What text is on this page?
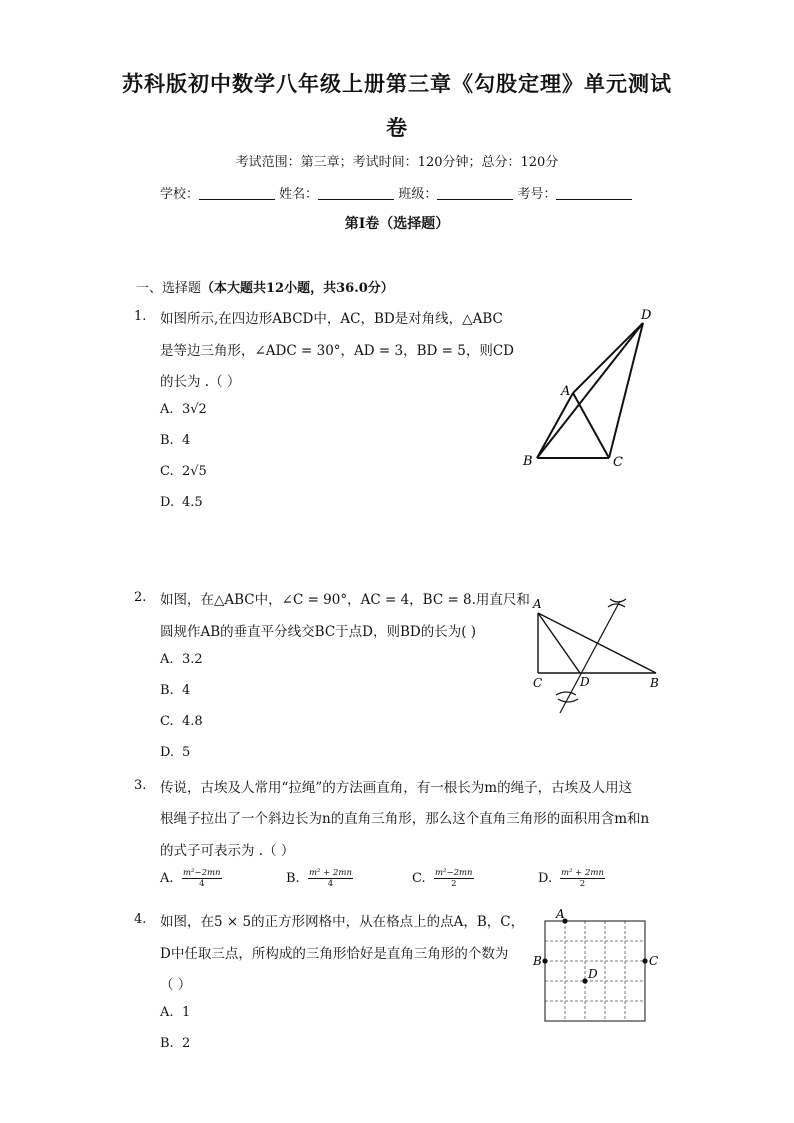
苏科版初中数学八年级上册第三章《勾股定理》单元测试
卷
考试范围：第三章；考试时间：120分钟；总分：120分
学校：	姓名：	班级：	考号：
第I卷（选择题）
一、选择题（本大题共12小题，共36.0分）
1. 如图所示,在四边形ABCD中，AC，BD是对角线，△ABC
是等边三角形，∠ADC = 30°，AD = 3，BD = 5，则CD
的长为 .（ ）
A. 3√2
B. 4
C. 2√5
D. 4.5
A
B	C
D
2. 如图，在△ABC中，∠C = 90°，AC = 4，BC = 8.用直尺和
圆规作AB的垂直平分线交BC于点D，则BD的长为( )
A. 3.2
B. 4
C. 4.8
D. 5
A
C	D	B
3. 传说，古埃及人常用“拉绳”的方法画直角，有一根长为m的绳子，古埃及人用这
根绳子拉出了一个斜边长为n的直角三角形，那么这个直角三角形的面积用含m和n
的式子可表示为 .（ ）
A. $\frac{\text{m²−2mn}}{4}$	B. $\frac{\text{m² + 2mn}}{4}$	C. $\frac{\text{m²−2mn}}{2}$	D. $\frac{\text{m² + 2mn}}{2}$
4. 如图，在5 × 5的正方形网格中，从在格点上的点A，B，C，
D中任取三点，所构成的三角形恰好是直角三角形的个数为
（ ）
A. 1
B. 2
A
B	C
D
